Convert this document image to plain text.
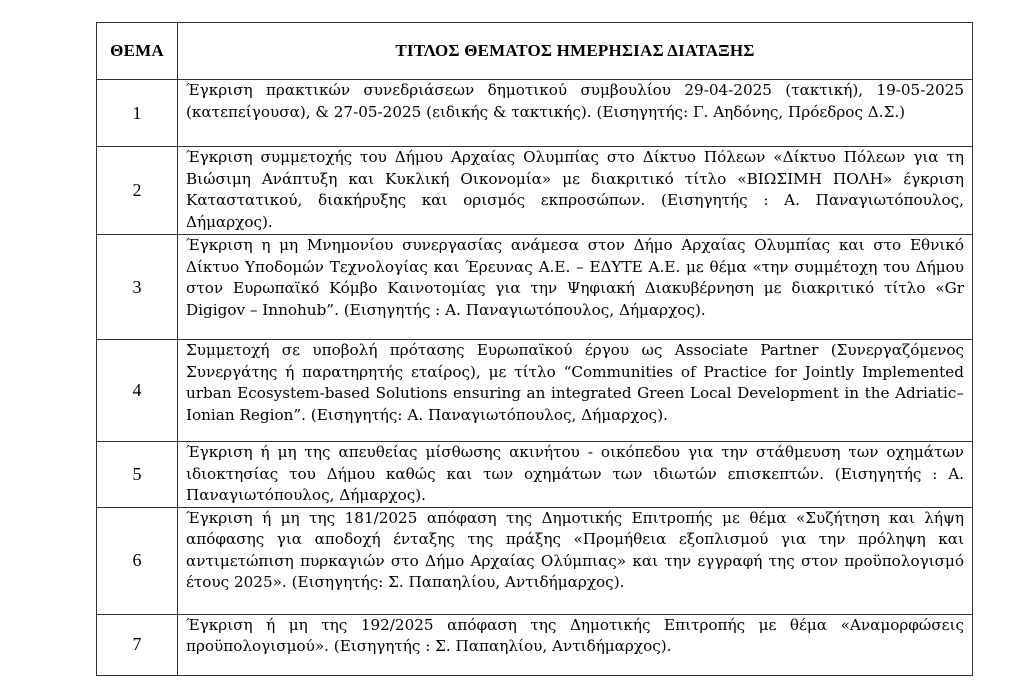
ΘΕΜΑ	ΤΙΤΛΟΣ ΘΕΜΑΤΟΣ ΗΜΕΡΗΣΙΑΣ ΔΙΑΤΑΞΗΣ
1	Έγκριση πρακτικών συνεδριάσεων δημοτικού συμβουλίου 29-04-2025 (τακτική), 19-05-2025 (κατεπείγουσα), & 27-05-2025 (ειδικής & τακτικής). (Εισηγητής: Γ. Αηδόνης, Πρόεδρος Δ.Σ.)

2	Έγκριση συμμετοχής του Δήμου Αρχαίας Ολυμπίας στο Δίκτυο Πόλεων «Δίκτυο Πόλεων για τη Βιώσιμη Ανάπτυξη και Κυκλική Οικονομία» με διακριτικό τίτλο «ΒΙΩΣΙΜΗ ΠΟΛΗ» έγκριση Καταστατικού, διακήρυξης και ορισμός εκπροσώπων. (Εισηγητής : Α. Παναγιωτόπουλος, Δήμαρχος).

3	Έγκριση η μη Μνημονίου συνεργασίας ανάμεσα στον Δήμο Αρχαίας Ολυμπίας και στο Εθνικό Δίκτυο Υποδομών Τεχνολογίας και Έρευνας Α.Ε. – ΕΔΥΤΕ Α.Ε. με θέμα «την συμμέτοχη του Δήμου στον Ευρωπαϊκό Κόμβο Καινοτομίας για την Ψηφιακή Διακυβέρνηση με διακριτικό τίτλο «Gr Digigov – Innohub”. (Εισηγητής : Α. Παναγιωτόπουλος, Δήμαρχος).

4	Συμμετοχή σε υποβολή πρότασης Ευρωπαϊκού έργου ως Associate Partner (Συνεργαζόμενος Συνεργάτης ή παρατηρητής εταίρος), με τίτλο “Communities of Practice for Jointly Implemented urban Ecosystem-based Solutions ensuring an integrated Green Local Development in the Adriatic–Ionian Region”. (Εισηγητής: Α. Παναγιωτόπουλος, Δήμαρχος).

5	Έγκριση ή μη της απευθείας μίσθωσης ακινήτου - οικόπεδου για την στάθμευση των οχημάτων ιδιοκτησίας του Δήμου καθώς και των οχημάτων των ιδιωτών επισκεπτών. (Εισηγητής : Α. Παναγιωτόπουλος, Δήμαρχος).

6	Έγκριση ή μη της 181/2025 απόφαση της Δημοτικής Επιτροπής με θέμα «Συζήτηση και λήψη απόφασης για αποδοχή ένταξης της πράξης «Προμήθεια εξοπλισμού για την πρόληψη και αντιμετώπιση πυρκαγιών στο Δήμο Αρχαίας Ολύμπιας» και την εγγραφή της στον προϋπολογισμό έτους 2025». (Εισηγητής: Σ. Παπαηλίου, Αντιδήμαρχος).

7	Έγκριση ή μη της 192/2025 απόφαση της Δημοτικής Επιτροπής με θέμα «Αναμορφώσεις προϋπολογισμού». (Εισηγητής : Σ. Παπαηλίου, Αντιδήμαρχος).
